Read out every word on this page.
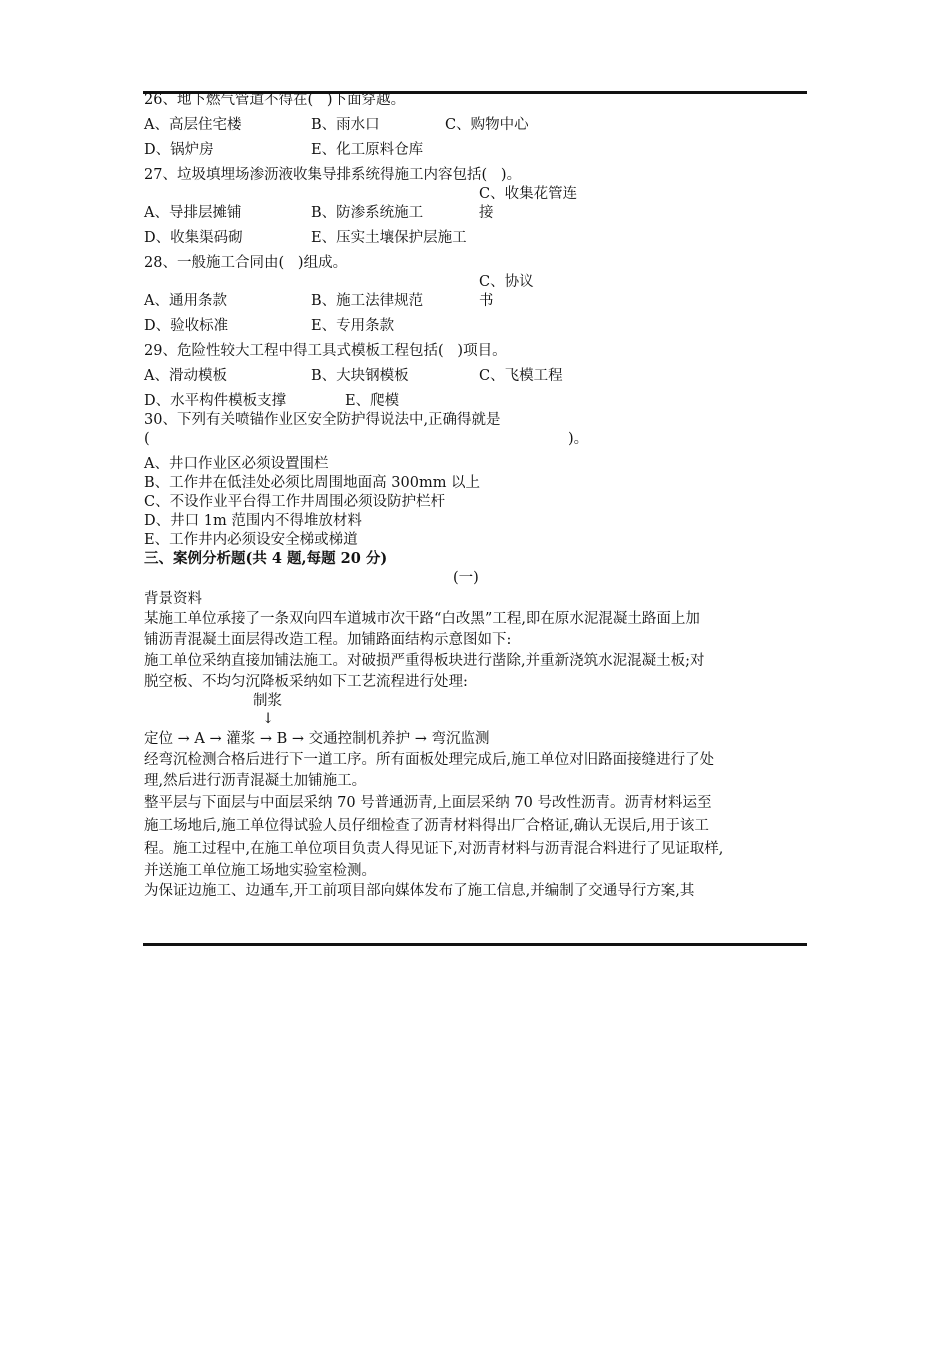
26、地下燃气管道不得在(   )下面穿越。
A、高层住宅楼	B、雨水口	C、购物中心
D、锅炉房	E、化工原料仓库
27、垃圾填埋场渗沥液收集导排系统得施工内容包括(   )。
C、收集花管连
A、导排层摊铺	B、防渗系统施工	接
D、收集渠码砌	E、压实土壤保护层施工
28、一般施工合同由(   )组成。
C、协议
A、通用条款	B、施工法律规范	书
D、验收标准	E、专用条款
29、危险性较大工程中得工具式模板工程包括(   )项目。
A、滑动模板	B、大块钢模板	C、飞模工程
D、水平构件模板支撑	E、爬模
30、下列有关喷锚作业区安全防护得说法中,正确得就是
(	)。
A、井口作业区必须设置围栏
B、工作井在低洼处必须比周围地面高 300mm 以上
C、不设作业平台得工作井周围必须设防护栏杆
D、井口 1m 范围内不得堆放材料
E、工作井内必须设安全梯或梯道
三、案例分析题(共 4 题,每题 20 分)
(一)
背景资料
某施工单位承接了一条双向四车道城市次干路“白改黑”工程,即在原水泥混凝土路面上加
铺沥青混凝土面层得改造工程。加铺路面结构示意图如下:
施工单位采纳直接加铺法施工。对破损严重得板块进行凿除,并重新浇筑水泥混凝土板;对
脱空板、不均匀沉降板采纳如下工艺流程进行处理:
制浆
↓
定位 → A → 灌浆 → B → 交通控制机养护 → 弯沉监测
经弯沉检测合格后进行下一道工序。所有面板处理完成后,施工单位对旧路面接缝进行了处
理,然后进行沥青混凝土加铺施工。
整平层与下面层与中面层采纳 70 号普通沥青,上面层采纳 70 号改性沥青。沥青材料运至
施工场地后,施工单位得试验人员仔细检查了沥青材料得出厂合格证,确认无误后,用于该工
程。施工过程中,在施工单位项目负责人得见证下,对沥青材料与沥青混合料进行了见证取样,
并送施工单位施工场地实验室检测。
为保证边施工、边通车,开工前项目部向媒体发布了施工信息,并编制了交通导行方案,其
